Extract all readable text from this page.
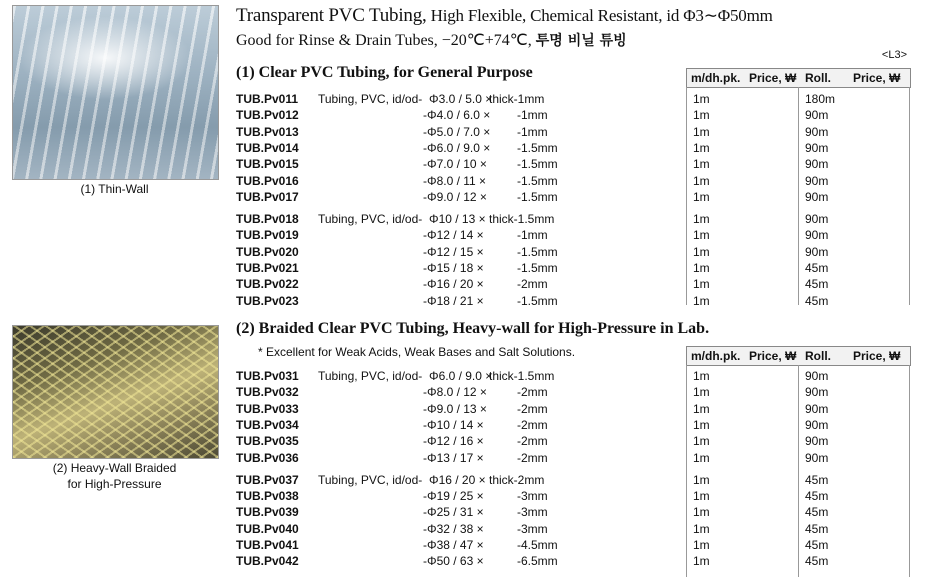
(1) Thin-Wall
(2) Heavy-Wall Braided
for High-Pressure
Transparent PVC Tubing, High Flexible, Chemical Resistant, id Φ3∼Φ50mm
Good for Rinse & Drain Tubes, −20℃+74℃, 투명 비닐 튜빙
<L3>
(1) Clear PVC Tubing, for General Purpose	m/dh.pk. Price, ₩ Roll. Price, ₩
TUB.Pv011 Tubing, PVC, id/od- Φ3.0 / 5.0 ×
thick-1mm	1m	180m
TUB.Pv012	-Φ4.0 / 6.0 × -1mm	1m	90m
TUB.Pv013	-Φ5.0 / 7.0 × -1mm	1m	90m
TUB.Pv014	-Φ6.0 / 9.0 × -1.5mm	1m	90m
TUB.Pv015	-Φ7.0 / 10 ×	-1.5mm	1m	90m
TUB.Pv016	-Φ8.0 / 11 ×	-1.5mm	1m	90m
TUB.Pv017	-Φ9.0 / 12 ×	-1.5mm	1m	90m
TUB.Pv018 Tubing, PVC, id/od- Φ10 / 13 × thick-1.5mm	1m	90m
TUB.Pv019	-Φ12 / 14 ×	-1mm	1m	90m
TUB.Pv020	-Φ12 / 15 ×	-1.5mm	1m	90m
TUB.Pv021	-Φ15 / 18 ×	-1.5mm	1m	45m
TUB.Pv022	-Φ16 / 20 ×	-2mm	1m	45m
TUB.Pv023	-Φ18 / 21 ×	-1.5mm	1m	45m
(2) Braided Clear PVC Tubing, Heavy-wall for High-Pressure in Lab.
* Excellent for Weak Acids, Weak Bases and Salt Solutions.	m/dh.pk. Price, ₩ Roll. Price, ₩
TUB.Pv031 Tubing, PVC, id/od- Φ6.0 / 9.0 ×
thick-1.5mm	1m	90m
TUB.Pv032	-Φ8.0 / 12 ×	-2mm	1m	90m
TUB.Pv033	-Φ9.0 / 13 ×	-2mm	1m	90m
TUB.Pv034	-Φ10 / 14 ×	-2mm	1m	90m
TUB.Pv035	-Φ12 / 16 ×	-2mm	1m	90m
TUB.Pv036	-Φ13 / 17 ×	-2mm	1m	90m
TUB.Pv037 Tubing, PVC, id/od- Φ16 / 20 × thick-2mm	1m	45m
TUB.Pv038	-Φ19 / 25 ×	-3mm	1m	45m
TUB.Pv039	-Φ25 / 31 ×	-3mm	1m	45m
TUB.Pv040	-Φ32 / 38 ×	-3mm	1m	45m
TUB.Pv041	-Φ38 / 47 ×	-4.5mm	1m	45m
TUB.Pv042	-Φ50 / 63 ×	-6.5mm	1m	45m
